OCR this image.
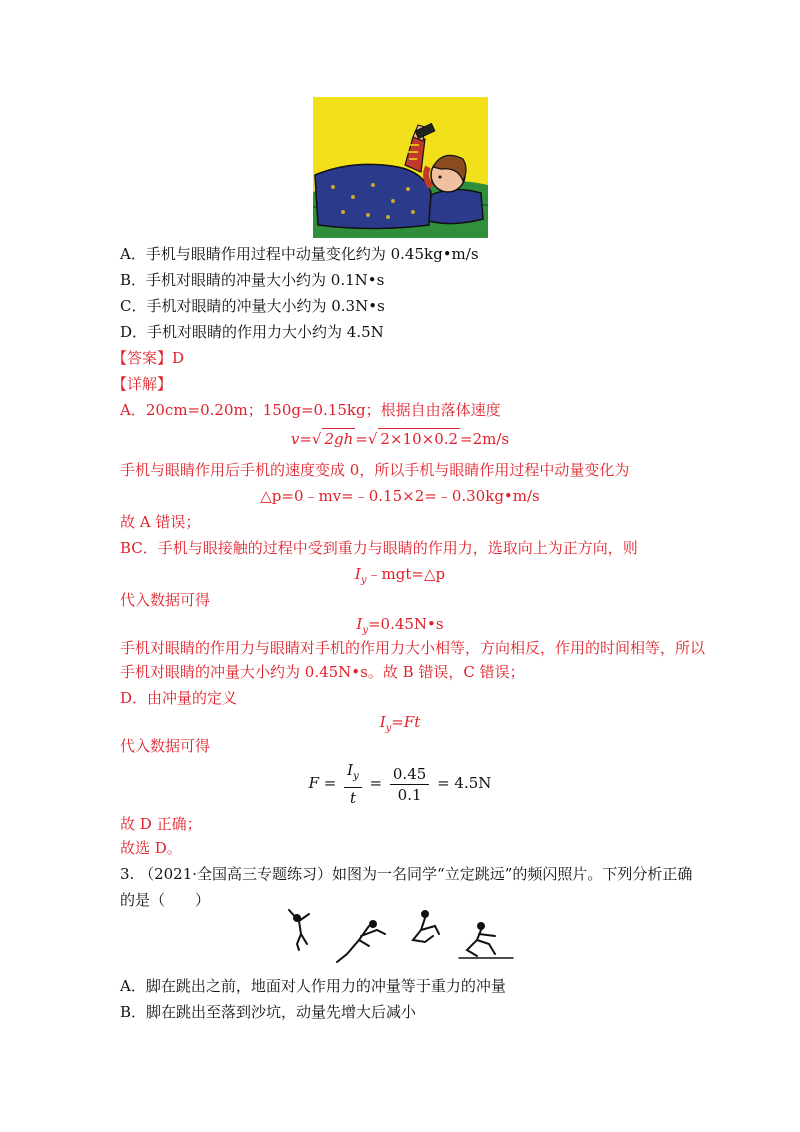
A．手机与眼睛作用过程中动量变化约为 0.45kg•m/s
B．手机对眼睛的冲量大小约为 0.1N•s
C．手机对眼睛的冲量大小约为 0.3N•s
D．手机对眼睛的作用力大小约为 4.5N
【答案】D
【详解】
A．20cm=0.20m；150g=0.15kg；根据自由落体速度
v=√ 2gh =√ 2×10×0.2 =2m/s
手机与眼睛作用后手机的速度变成 0，所以手机与眼睛作用过程中动量变化为
△p=0﹣mv=﹣0.15×2=﹣0.30kg•m/s
故 A 错误；
BC．手机与眼接触的过程中受到重力与眼睛的作用力，选取向上为正方向，则
$I_y﹣mgt=\triangle p$
代入数据可得
$I_y=0.45N•s$
手机对眼睛的作用力与眼睛对手机的作用力大小相等，方向相反，作用的时间相等，所以
手机对眼睛的冲量大小约为 0.45N•s。故 B 错误，C 错误；
D．由冲量的定义
$I_y=Ft$
代入数据可得
$F = \frac{I_y}{t} = \frac{0.45}{0.1} = 4.5N$
故 D 正确；
故选 D。
3. （2021·全国高三专题练习）如图为一名同学“立定跳远”的频闪照片。下列分析正确
的是（　　）
A．脚在跳出之前，地面对人作用力的冲量等于重力的冲量
B．脚在跳出至落到沙坑，动量先增大后减小
